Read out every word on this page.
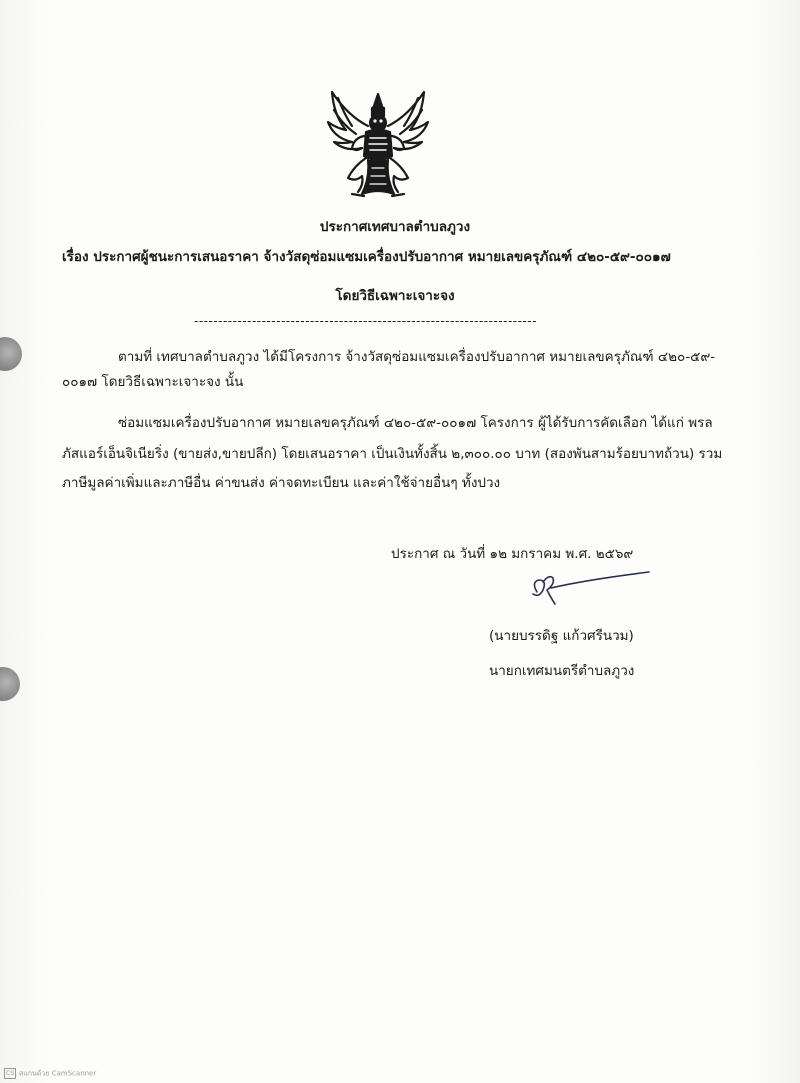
ประกาศเทศบาลตำบลภูวง
เรื่อง ประกาศผู้ชนะการเสนอราคา จ้างวัสดุซ่อมแซมเครื่องปรับอากาศ หมายเลขครุภัณฑ์ ๔๒๐-๕๙-๐๐๑๗
โดยวิธีเฉพาะเจาะจง
-----------------------------------------------------------------------
ตามที่ เทศบาลตำบลภูวง ได้มีโครงการ จ้างวัสดุซ่อมแซมเครื่องปรับอากาศ หมายเลขครุภัณฑ์ ๔๒๐-๕๙-
๐๐๑๗ โดยวิธีเฉพาะเจาะจง นั้น
ซ่อมแซมเครื่องปรับอากาศ หมายเลขครุภัณฑ์ ๔๒๐-๕๙-๐๐๑๗ โครงการ ผู้ได้รับการคัดเลือก ได้แก่ พรล
ภัสแอร์เอ็นจิเนียริ่ง (ขายส่ง,ขายปลีก) โดยเสนอราคา เป็นเงินทั้งสิ้น ๒,๓๐๐.๐๐ บาท (สองพันสามร้อยบาทถ้วน) รวม
ภาษีมูลค่าเพิ่มและภาษีอื่น ค่าขนส่ง ค่าจดทะเบียน และค่าใช้จ่ายอื่นๆ ทั้งปวง
ประกาศ ณ วันที่ ๑๒ มกราคม พ.ศ. ๒๕๖๙
(นายบรรดิฐ แก้วศรีนวม)
นายกเทศมนตรีตำบลภูวง
CS สแกนด้วย CamScanner
